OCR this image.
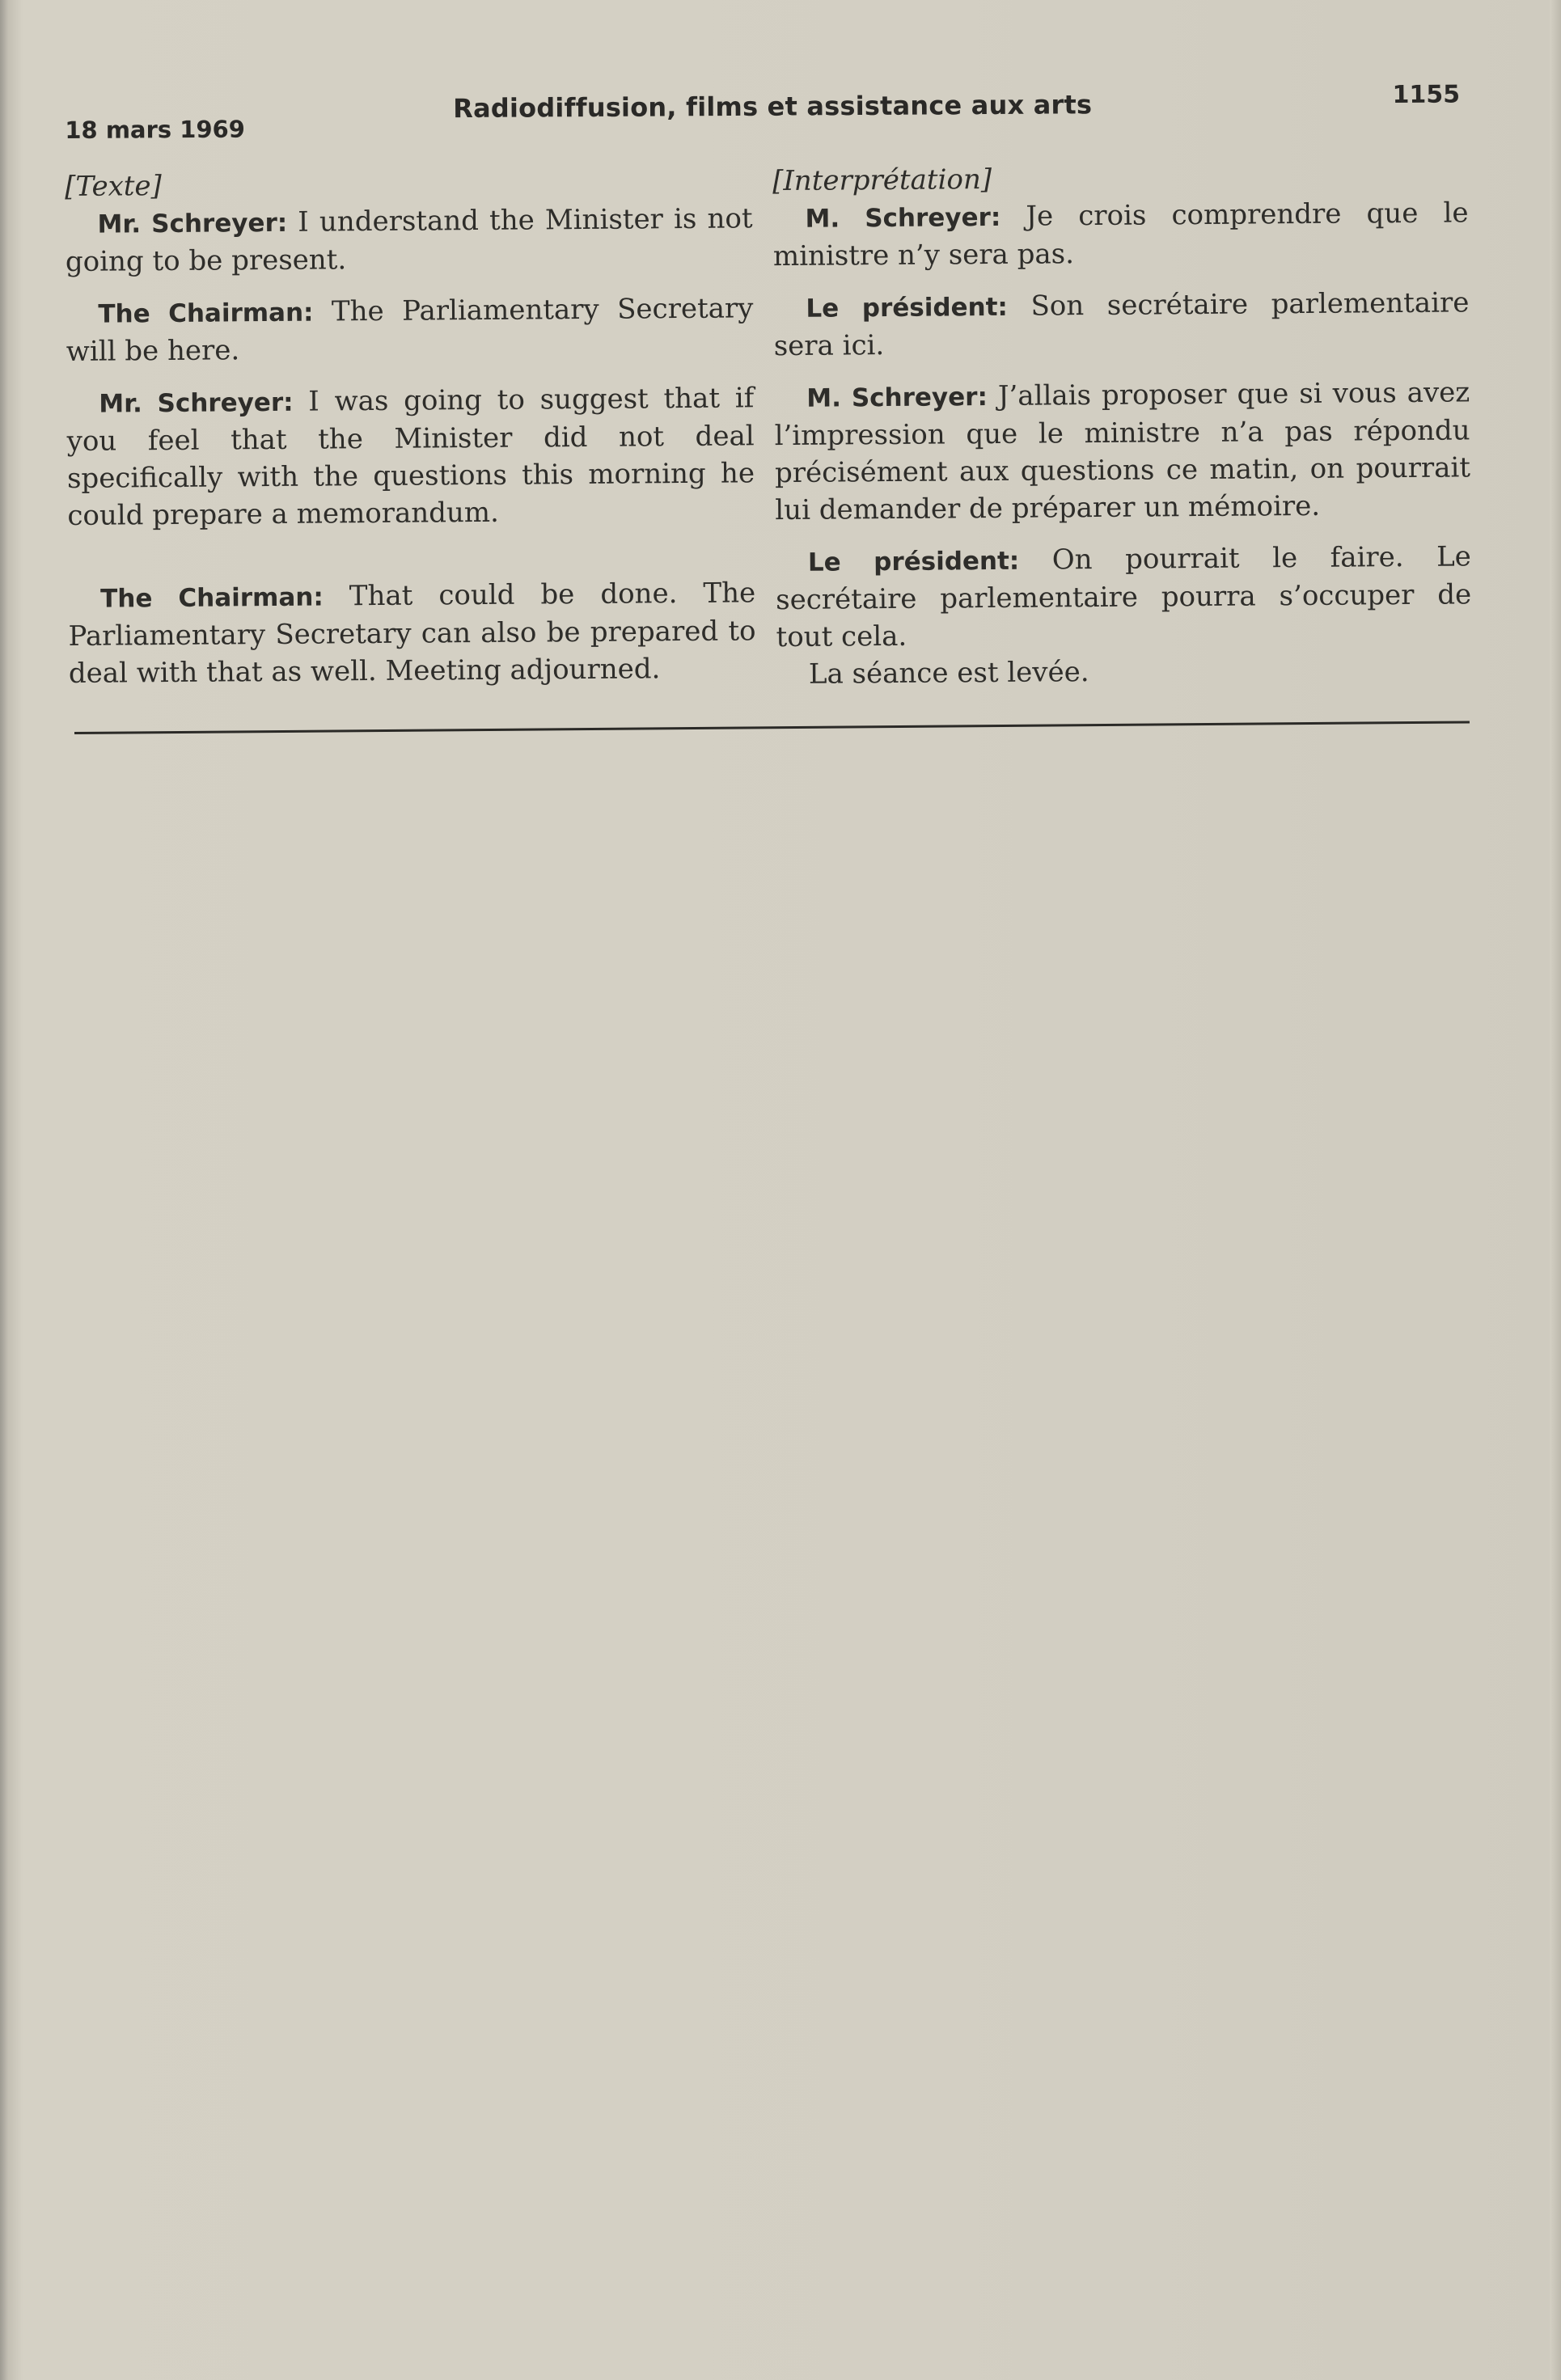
18 mars 1969
Radiodiffusion, films et assistance aux arts	1155

[Texte]

Mr. Schreyer: I understand the Minister is not going to be present.

The Chairman: The Parliamentary Secretary will be here.

Mr. Schreyer: I was going to suggest that if you feel that the Minister did not deal specifically with the questions this morning he could prepare a memorandum.

The Chairman: That could be done. The Parliamentary Secretary can also be prepared to deal with that as well. Meeting adjourned.

[Interprétation]

M. Schreyer: Je crois comprendre que le ministre n’y sera pas.

Le président: Son secrétaire parlementaire sera ici.

M. Schreyer: J’allais proposer que si vous avez l’impression que le ministre n’a pas répondu précisément aux questions ce matin, on pourrait lui demander de préparer un mémoire.

Le président: On pourrait le faire. Le secrétaire parlementaire pourra s’occuper de tout cela.

La séance est levée.
